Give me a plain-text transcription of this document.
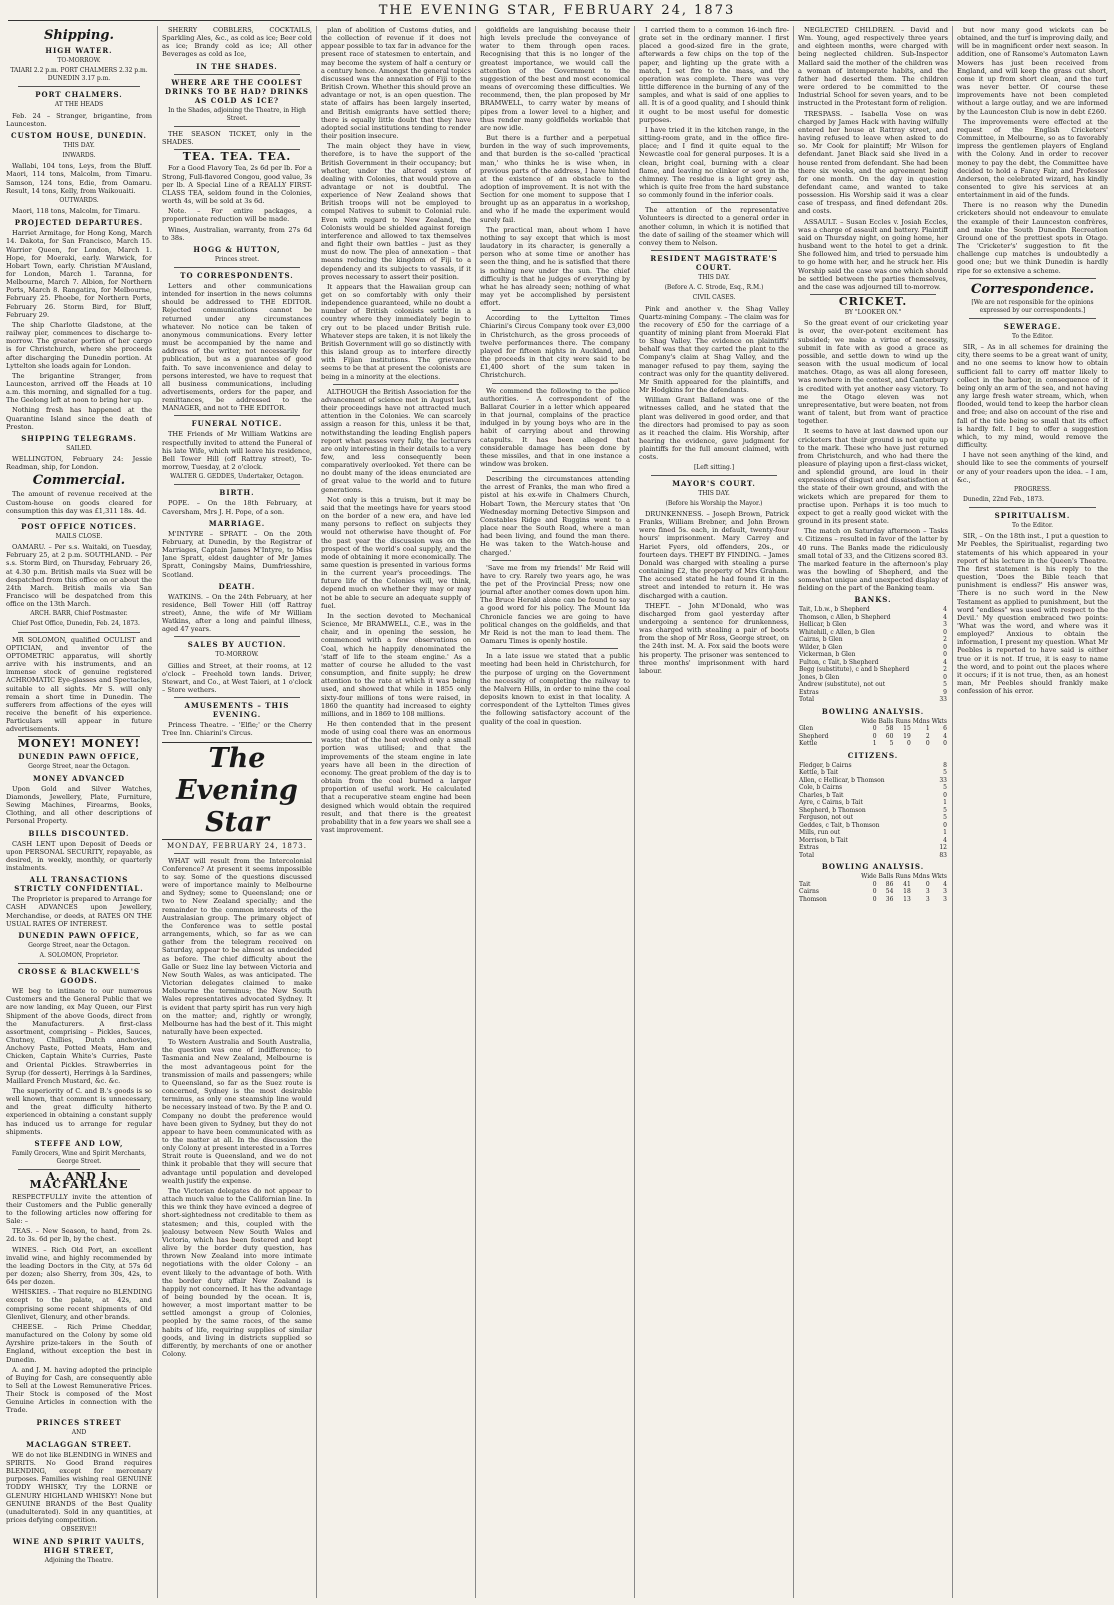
THE EVENING STAR, FEBRUARY 24, 1873
Shipping.
HIGH WATER.

TO-MORROW.

TAIARI 2.2 p.m. PORT CHALMERS 2.32 p.m. DUNEDIN 3.17 p.m.

PORT CHALMERS.

AT THE HEADS

Feb. 24 – Stranger, brigantine, from Launceston.

CUSTOM HOUSE, DUNEDIN.

THIS DAY.

INWARDS.

Wallabi, 104 tons, Leys, from the Bluff. Maori, 114 tons, Malcolm, from Timaru. Samson, 124 tons, Edie, from Oamaru. Result, 14 tons, Kelly, from Waikouaiti.

OUTWARDS.

Maori, 118 tons, Malcolm, for Timaru.

PROJECTED DEPARTURES.

Harriet Armitage, for Hong Kong, March 14. Dakota, for San Francisco, March 15. Warrior Queen, for London, March 1. Hope, for Moeraki, early. Warwick, for Hobart Town, early. Christian M'Ausland, for London, March 1. Taranna, for Melbourne, March 7. Albion, for Northern Ports, March 8. Rangatira, for Melbourne, February 25. Phoebe, for Northern Ports, February 26. Storm Bird, for Bluff, February 29.

The ship Charlotte Gladstone, at the railway pier, commences to discharge to-morrow. The greater portion of her cargo is for Christchurch, where she proceeds after discharging the Dunedin portion. At Lyttelton she loads again for London.

The brigantine Stranger, from Launceston, arrived off the Heads at 10 a.m. this morning, and signalled for a tug. The Geelong left at noon to bring her up.

Nothing fresh has happened at the Quarantine Island since the death of Preston.

SHIPPING TELEGRAMS.

SAILED.

WELLINGTON, February 24: Jessie Readman, ship, for London.

Commercial.

The amount of revenue received at the Custom-house on goods cleared for consumption this day was £1,311 18s. 4d.

POST OFFICE NOTICES.

MAILS CLOSE.

OAMARU. – Per s.s. Waitaki, on Tuesday, February 25, at 2 p.m. SOUTHLAND. – Per s.s. Storm Bird, on Thursday, February 26, at 4.30 p.m. British mails via Suez will be despatched from this office on or about the 24th March. British mails via San Francisco will be despatched from this office on the 13th March.

ARCH. BARR, Chief Postmaster.

Chief Post Office, Dunedin, Feb. 24, 1873.

MR SOLOMON, qualified OCULIST and OPTICIAN, and inventor of the OPTOMETRIC apparatus, will shortly arrive with his instruments, and an immense stock of genuine registered ACHROMATIC Eye-glasses and Spectacles, suitable to all sights. Mr S. will only remain a short time in Dunedin. The sufferers from affections of the eyes will receive the benefit of his experience. Particulars will appear in future advertisements.

MONEY! MONEY!
DUNEDIN PAWN OFFICE,

George Street, near the Octagon.

MONEY ADVANCED

Upon Gold and Silver Watches, Diamonds, Jewellery, Plate, Furniture, Sewing Machines, Firearms, Books, Clothing, and all other descriptions of Personal Property.

BILLS DISCOUNTED.

CASH LENT upon Deposit of Deeds or upon PERSONAL SECURITY, repayable, as desired, in weekly, monthly, or quarterly instalments.

ALL TRANSACTIONS STRICTLY CONFIDENTIAL.

The Proprietor is prepared to Arrange for CASH ADVANCES upon Jewellery, Merchandise, or deeds, at RATES ON THE USUAL RATES OF INTEREST.

DUNEDIN PAWN OFFICE,

George Street, near the Octagon.

A. SOLOMON, Proprietor.

CROSSE & BLACKWELL'S GOODS.

WE beg to intimate to our numerous Customers and the General Public that we are now landing, ex May Queen, our First Shipment of the above Goods, direct from the Manufacturers. A first-class assortment, comprising – Pickles, Sauces, Chutney, Chillies, Dutch anchovies, Anchovy Paste, Potted Meats, Ham and Chicken, Captain White's Curries, Paste and Oriental Pickles. Strawberries in Syrup (for dessert), Herrings à la Sardines, Maillard French Mustard, &c. &c.

The superiority of C. and B.'s goods is so well known, that comment is unnecessary, and the great difficulty hitherto experienced in obtaining a constant supply has induced us to arrange for regular shipments.

STEFFE AND LOW,

Family Grocers, Wine and Spirit Merchants, George Street.

A. AND J. MACFARLANE

RESPECTFULLY invite the attention of their Customers and the Public generally to the following articles now offering for Sale: –

TEAS. – New Season, to hand, from 2s. 2d. to 3s. 6d per lb, by the chest.

WINES. – Rich Old Port, an excellent invalid wine, and highly recommended by the leading Doctors in the City, at 57s 6d per dozen; also Sherry, from 30s, 42s, to 64s per dozen.

WHISKIES. – That require no BLENDING except to the palate, at 42s, and comprising some recent shipments of Old Glenlivet, Glenury, and other brands.

CHEESE. – Rich Prime Cheddar, manufactured on the Colony by some old Ayrshire prize-takers in the South of England, without exception the best in Dunedin.

A. and J. M. having adopted the principle of Buying for Cash, are consequently able to Sell at the Lowest Remunerative Prices. Their Stock is composed of the Most Genuine Articles in connection with the Trade.

PRINCES STREET

AND

MACLAGGAN STREET.

WE do not like BLENDING in WINES and SPIRITS. No Good Brand requires BLENDING, except for mercenary purposes. Families wishing real GENUINE TODDY WHISKY, Try the LORNE or GLENURY HIGHLAND WHISKY! None but GENUINE BRANDS of the Best Quality (unadulterated). Sold in any quantities, at prices defying competition.

OBSERVE!!

WINE AND SPIRIT VAULTS, HIGH STREET,

Adjoining the Theatre.

SHERRY COBBLERS, COCKTAILS, Sparkling Ales, &c., as cold as ice; Beer cold as ice; Brandy cold as ice; All other Beverages as cold as Ice,

IN THE SHADES.
WHERE ARE THE COOLEST DRINKS TO BE HAD? DRINKS AS COLD AS ICE?

In the Shades, adjoining the Theatre, in High Street.

THE SEASON TICKET, only in the SHADES.

TEA. TEA. TEA.

For a Good Flavory Tea, 2s 6d per lb. For a Strong, Full-flavored Congou, good value, 3s per lb. A Special Line of a REALLY FIRST-CLASS TEA, seldom found in the Colonies, worth 4s, will be sold at 3s 6d.

Note. – For entire packages, a proportionate reduction will be made.

Wines, Australian, warranty, from 27s 6d to 38s.

HOGG & HUTTON,

Princes street.

TO CORRESPONDENTS.

Letters and other communications intended for insertion in the news columns should be addressed to THE EDITOR. Rejected communications cannot be returned under any circumstances whatever. No notice can be taken of anonymous communications. Every letter must be accompanied by the name and address of the writer, not necessarily for publication, but as a guarantee of good faith. To save inconvenience and delay to persons interested, we have to request that all business communications, including advertisements, orders for the paper, and remittances, be addressed to the MANAGER, and not to THE EDITOR.

FUNERAL NOTICE.

THE Friends of Mr William Watkins are respectfully invited to attend the Funeral of his late Wife, which will leave his residence, Bell Tower Hill (off Rattray street), To-morrow, Tuesday, at 2 o'clock.

WALTER G. GEDDES, Undertaker, Octagon.

BIRTH.

POPE. – On the 18th February, at Caversham, Mrs J. H. Pope, of a son.

MARRIAGE.

M'INTYRE – SPRATT. – On the 20th February, at Dunedin, by the Registrar of Marriages, Captain James M'Intyre, to Miss Jane Spratt, eldest daughter of Mr James Spratt, Coningsby Mains, Dumfriesshire, Scotland.

DEATH.

WATKINS. – On the 24th February, at her residence, Bell Tower Hill (off Rattray street), Anne, the wife of Mr William Watkins, after a long and painful illness, aged 47 years.

SALES BY AUCTION.

TO-MORROW.

Gillies and Street, at their rooms, at 12 o'clock – Freehold town lands. Driver, Stewart, and Co., at West Taieri, at 1 o'clock – Store wethers.

AMUSEMENTS – THIS EVENING.

Princess Theatre. – 'Elfie;' or the Cherry Tree Inn. Chiarini's Circus.

The Evening Star
MONDAY, FEBRUARY 24, 1873.

WHAT will result from the Intercolonial Conference? At present it seems impossible to say. Some of the questions discussed were of importance mainly to Melbourne and Sydney; some to Queensland; one or two to New Zealand specially; and the remainder to the common interests of the Australasian group. The primary object of the Conference was to settle postal arrangements, which, so far as we can gather from the telegram received on Saturday, appear to be almost as undecided as before. The chief difficulty about the Galle or Suez line lay between Victoria and New South Wales, as was anticipated. The Victorian delegates claimed to make Melbourne the terminus; the New South Wales representatives advocated Sydney. It is evident that party spirit has run very high on the matter; and, rightly or wrongly, Melbourne has had the best of it. This might naturally have been expected.

To Western Australia and South Australia, the question was one of indifference; to Tasmania and New Zealand, Melbourne is the most advantageous point for the transmission of mails and passengers; while to Queensland, so far as the Suez route is concerned, Sydney is the most desirable terminus, as only one steamship line would be necessary instead of two. By the P. and O. Company no doubt the preference would have been given to Sydney, but they do not appear to have been communicated with as to the matter at all. In the discussion the only Colony at present interested in a Torres Strait route is Queensland, and we do not think it probable that they will secure that advantage until population and developed wealth justify the expense.

The Victorian delegates do not appear to attach much value to the Californian line. In this we think they have evinced a degree of short-sightedness not creditable to them as statesmen; and this, coupled with the jealousy between New South Wales and Victoria, which has been fostered and kept alive by the border duty question, has thrown New Zealand into more intimate negotiations with the older Colony – an event likely to the advantage of both. With the border duty affair New Zealand is happily not concerned. It has the advantage of being bounded by the ocean. It is, however, a most important matter to be settled amongst a group of Colonies, peopled by the same races, of the same habits of life, requiring supplies of similar goods, and living in districts supplied so differently, by merchants of one or another Colony.

plan of abolition of Customs duties, and the collection of revenue if it does not appear possible to tax far in advance for the present race of statesmen to entertain, and may become the system of half a century or a century hence. Amongst the general topics discussed was the annexation of Fiji to the British Crown. Whether this should prove an advantage or not, is an open question. The state of affairs has been largely inserted, and British emigrants have settled there; there is equally little doubt that they have adopted social institutions tending to render their position insecure.

The main object they have in view, therefore, is to have the support of the British Government in their occupancy; but whether, under the altered system of dealing with Colonies, that would prove an advantage or not is doubtful. The experience of New Zealand shows that British troops will not be employed to compel Natives to submit to Colonial rule. Even with regard to New Zealand, the Colonists would be shielded against foreign interference and allowed to tax themselves and fight their own battles – just as they must do now. The plea of annexation – that means reducing the kingdom of Fiji to a dependency and its subjects to vassals, if it proves necessary to assert their position.

It appears that the Hawaiian group can get on so comfortably with only their independence guaranteed, while no doubt a number of British colonists settle in a country where they immediately begin to cry out to be placed under British rule. Whatever steps are taken, it is not likely the British Government will go so distinctly with this island group as to interfere directly with Fijian institutions. The grievance seems to be that at present the colonists are being in a minority at the elections.

ALTHOUGH the British Association for the advancement of science met in August last, their proceedings have not attracted much attention in the Colonies. We can scarcely assign a reason for this, unless it be that, notwithstanding the leading English papers report what passes very fully, the lecturers are only interesting in their details to a very few, and less consequently been comparatively overlooked. Yet there can be no doubt many of the ideas enunciated are of great value to the world and to future generations.

Not only is this a truism, but it may be said that the meetings have for years stood on the border of a new era, and have led many persons to reflect on subjects they would not otherwise have thought of. For the past year the discussion was on the prospect of the world's coal supply, and the mode of obtaining it more economically. The same question is presented in various forms in the current year's proceedings. The future life of the Colonies will, we think, depend much on whether they may or may not be able to secure an adequate supply of fuel.

In the section devoted to Mechanical Science, Mr BRAMWELL, C.E., was in the chair, and in opening the session, he commenced with a few observations on Coal, which he happily denominated the 'staff of life to the steam engine.' As a matter of course he alluded to the vast consumption, and finite supply; he drew attention to the rate at which it was being used, and showed that while in 1855 only sixty-four millions of tons were raised, in 1860 the quantity had increased to eighty millions, and in 1869 to 108 millions.

He then contended that in the present mode of using coal there was an enormous waste; that of the heat evolved only a small portion was utilised; and that the improvements of the steam engine in late years have all been in the direction of economy. The great problem of the day is to obtain from the coal burned a larger proportion of useful work. He calculated that a recuperative steam engine had been designed which would obtain the required result, and that there is the greatest probability that in a few years we shall see a vast improvement.

goldfields are languishing because their high levels preclude the conveyance of water to them through open races. Recognising that this is no longer of the greatest importance, we would call the attention of the Government to the suggestion of the best and most economical means of overcoming these difficulties. We recommend, then, the plan proposed by Mr BRAMWELL, to carry water by means of pipes from a lower level to a higher, and thus render many goldfields workable that are now idle.

But there is a further and a perpetual burden in the way of such improvements, and that burden is the so-called 'practical man,' who thinks he is wise when, in previous parts of the address, I have hinted at the existence of an obstacle to the adoption of improvement. It is not with the Section for one moment to suppose that I brought up as an apparatus in a workshop, and who if he made the experiment would surely fail.

The practical man, about whom I have nothing to say except that which is most laudatory in its character, is generally a person who at some time or another has seen the thing, and he is satisfied that there is nothing new under the sun. The chief difficulty is that he judges of everything by what he has already seen; nothing of what may yet be accomplished by persistent effort.

According to the Lyttelton Times Chiarini's Circus Company took over £3,000 in Christchurch, as the gross proceeds of twelve performances there. The company played for fifteen nights in Auckland, and the proceeds in that city were said to be £1,400 short of the sum taken in Christchurch.

We commend the following to the police authorities. – A correspondent of the Ballarat Courier in a letter which appeared in that journal, complains of the practice indulged in by young boys who are in the habit of carrying about and throwing catapults. It has been alleged that considerable damage has been done by these missiles, and that in one instance a window was broken.

Describing the circumstances attending the arrest of Franks, the man who fired a pistol at his ex-wife in Chalmers Church, Hobart Town, the Mercury states that 'On Wednesday morning Detective Simpson and Constables Ridge and Ruggins went to a place near the South Road, where a man had been living, and found the man there. He was taken to the Watch-house and charged.'

'Save me from my friends!' Mr Reid will have to cry. Rarely two years ago, he was the pet of the Provincial Press; now one journal after another comes down upon him. The Bruce Herald alone can be found to say a good word for his policy. The Mount Ida Chronicle fancies we are going to have political changes on the goldfields, and that Mr Reid is not the man to lead them. The Oamaru Times is openly hostile.

In a late issue we stated that a public meeting had been held in Christchurch, for the purpose of urging on the Government the necessity of completing the railway to the Malvern Hills, in order to mine the coal deposits known to exist in that locality. A correspondent of the Lyttelton Times gives the following satisfactory account of the quality of the coal in question.

I carried them to a common 16-inch fire-grate set in the ordinary manner. I first placed a good-sized fire in the grate, afterwards a few chips on the top of the paper, and lighting up the grate with a match, I set fire to the mass, and the operation was complete. There was very little difference in the burning of any of the samples, and what is said of one applies to all. It is of a good quality, and I should think it ought to be most useful for domestic purposes.

I have tried it in the kitchen range, in the sitting-room grate, and in the office fire-place; and I find it quite equal to the Newcastle coal for general purposes. It is a clean, bright coal, burning with a clear flame, and leaving no clinker or soot in the chimney. The residue is a light grey ash, which is quite free from the hard substance so commonly found in the inferior coals.

The attention of the representative Volunteers is directed to a general order in another column, in which it is notified that the date of sailing of the steamer which will convey them to Nelson.

RESIDENT MAGISTRATE'S COURT.

THIS DAY.

(Before A. C. Strode, Esq., R.M.)

CIVIL CASES.

Pink and another v. the Shag Valley Quartz-mining Company. – The claim was for the recovery of £50 for the carriage of a quantity of mining plant from Moeraki Flat to Shag Valley. The evidence on plaintiffs' behalf was that they carted the plant to the Company's claim at Shag Valley, and the manager refused to pay them, saying the contract was only for the quantity delivered. Mr Smith appeared for the plaintiffs, and Mr Hodgkins for the defendants.

William Grant Balland was one of the witnesses called, and he stated that the plant was delivered in good order, and that the directors had promised to pay as soon as it reached the claim. His Worship, after hearing the evidence, gave judgment for plaintiffs for the full amount claimed, with costs.

[Left sitting.]

MAYOR'S COURT.

THIS DAY.

(Before his Worship the Mayor.)

DRUNKENNESS. – Joseph Brown, Patrick Franks, William Brebner, and John Brown were fined 5s. each, in default, twenty-four hours' imprisonment. Mary Carrey and Hariet Fyers, old offenders, 20s., or fourteen days. THEFT BY FINDING. – James Donald was charged with stealing a purse containing £2, the property of Mrs Graham. The accused stated he had found it in the street and intended to return it. He was discharged with a caution.

THEFT. – John M'Donald, who was discharged from gaol yesterday after undergoing a sentence for drunkenness, was charged with stealing a pair of boots from the shop of Mr Ross, George street, on the 24th inst. M. A. Fox said the boots were his property. The prisoner was sentenced to three months' imprisonment with hard labour.

NEGLECTED CHILDREN. – David and Wm. Young, aged respectively three years and eighteen months, were charged with being neglected children. Sub-Inspector Mallard said the mother of the children was a woman of intemperate habits, and the father had deserted them. The children were ordered to be committed to the Industrial School for seven years, and to be instructed in the Protestant form of religion.

TRESPASS. – Isabella Vose on was charged by James Hack with having wilfully entered her house at Rattray street, and having refused to leave when asked to do so. Mr Cook for plaintiff; Mr Wilson for defendant. Janet Black said she lived in a house rented from defendant. She had been there six weeks, and the agreement being for one month. On the day in question defendant came, and wanted to take possession. His Worship said it was a clear case of trespass, and fined defendant 20s. and costs.

ASSAULT. – Susan Eccles v. Josiah Eccles, was a charge of assault and battery. Plaintiff said on Thursday night, on going home, her husband went to the hotel to get a drink. She followed him, and tried to persuade him to go home with her, and he struck her. His Worship said the case was one which should be settled between the parties themselves, and the case was adjourned till to-morrow.

CRICKET.

BY "LOOKER ON."

So the great event of our cricketing year is over, the over-potent excitement has subsided; we make a virtue of necessity, submit in fate with as good a grace as possible, and settle down to wind up the season with the usual modicum of local matches. Otago, as was all along foreseen, was nowhere in the contest, and Canterbury is credited with yet another easy victory. To me the Otago eleven was not unrepresentative, but were beaten, not from want of talent, but from want of practice together.

It seems to have at last dawned upon our cricketers that their ground is not quite up to the mark. These who have just returned from Christchurch, and who had there the pleasure of playing upon a first-class wicket, and splendid ground, are loud in their expressions of disgust and dissatisfaction at the state of their own ground, and with the wickets which are prepared for them to practise upon. Perhaps it is too much to expect to get a really good wicket with the ground in its present state.

The match on Saturday afternoon – Tasks v. Citizens – resulted in favor of the latter by 40 runs. The Banks made the ridiculously small total of 33, and the Citizens scored 83. The marked feature in the afternoon's play was the bowling of Shepherd, and the somewhat unique and unexpected display of fielding on the part of the Banking team.

BANKS.
Tait, I.b.w., b Shepherd	4
Thomson, c Allen, b Shepherd	4
Hellicar, b Glen	3
Whitehill, c Allen, b Glen	0
Cairns, b Glen	2
Wilder, b Glen	0
Vickerman, b Glen	0
Fulton, c Tait, b Shepherd	4
Begg (substitute), c and b Shepherd	2
Jones, b Glen	0
Andrew (substitute), not out	5
Extras	9
Total	33
BOWLING ANALYSIS.
	Wide	Balls	Runs	Mdns	Wkts
Glen	0	58	15	1	6
Shepherd	0	60	19	2	4
Kettle	1	5	0	0	0
CITIZENS.
Fledger, b Cairns	8
Kettle, b Tait	5
Allen, c Hellicar, b Thomson	33
Cole, b Cairns	5
Charles, b Tait	0
Ayre, c Cairns, b Tait	1
Shepherd, b Thomson	5
Ferguson, not out	5
Geddes, c Tait, b Thomson	0
Mills, run out	1
Morrison, b Tait	4
Extras	12
Total	83
BOWLING ANALYSIS.
	Wide	Balls	Runs	Mdns	Wkts
Tait	0	86	41	0	4
Cairns	0	54	18	3	3
Thomson	0	36	13	3	3

but now many good wickets can be obtained, and the turf is improving daily, and will be in magnificent order next season. In addition, one of Ransome's Automaton Lawn Mowers has just been received from England, and will keep the grass cut short, come it up from short clean, and the turf was never better. Of course these improvements have not been completed without a large outlay, and we are informed by the Launceston Club is now in debt £260.

The improvements were effected at the request of the English Cricketers' Committee, in Melbourne, so as to favorably impress the gentlemen players of England with the Colony. And in order to recover money to pay the debt, the Committee have decided to hold a Fancy Fair, and Professor Anderson, the celebrated wizard, has kindly consented to give his services at an entertainment in aid of the funds.

There is no reason why the Dunedin cricketers should not endeavour to emulate the example of their Launceston confrères, and make the South Dunedin Recreation Ground one of the prettiest spots in Otago. The 'Cricketer's' suggestion to fit the challenge cup matches is undoubtedly a good one; but we think Dunedin is hardly ripe for so extensive a scheme.

Correspondence.

[We are not responsible for the opinions expressed by our correspondents.]

SEWERAGE.

To the Editor.

SIR, – As in all schemes for draining the city, there seems to be a great want of unity, and no one seems to know how to obtain sufficient fall to carry off matter likely to collect in the harbor, in consequence of it being only an arm of the sea, and not having any large fresh water stream, which, when flooded, would tend to keep the harbor clean and free; and also on account of the rise and fall of the tide being so small that its effect is hardly felt. I beg to offer a suggestion which, to my mind, would remove the difficulty.

I have not seen anything of the kind, and should like to see the comments of yourself or any of your readers upon the idea. – I am, &c.,

PROGRESS.

Dunedin, 22nd Feb., 1873.

SPIRITUALISM.

To the Editor.

SIR, – On the 18th inst., I put a question to Mr Peebles, the Spiritualist, regarding two statements of his which appeared in your report of his lecture in the Queen's Theatre. The first statement is his reply to the question, 'Does the Bible teach that punishment is endless?' His answer was, 'There is no such word in the New Testament as applied to punishment, but the word "endless" was used with respect to the Devil.' My question embraced two points: 'What was the word, and where was it employed?' Anxious to obtain the information, I present my question. What Mr Peebles is reported to have said is either true or it is not. If true, it is easy to name the word, and to point out the places where it occurs; if it is not true, then, as an honest man, Mr Peebles should frankly make confession of his error.
